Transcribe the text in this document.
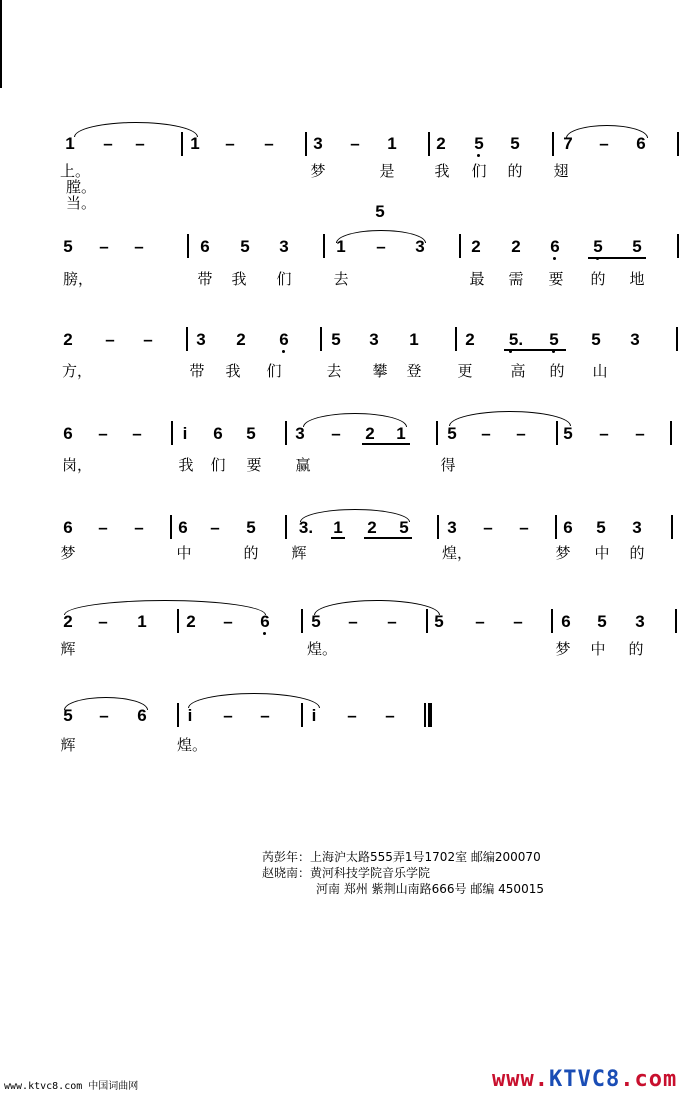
1 – –	1 – – 3 – 1 2 5 5	7 – 6
上。
膛。
当。
梦	是	我 们 的 翅
5
5 – –	6 5 3	1 – 3	2 2 6 5 5
膀，	带 我 们	去	最 需 要 的 地
2 – –	3 2 6	5 3 1	2 5. 5 5 3
方，	带 我 们	去 攀 登 更	高 的 山
6 – – i 6 5 3 – 2 1 5 – – 5 – –
岗，	我 们 要 赢	得
6 – – 6 – 5	3. 1 2 5 3 – – 6 5 3
梦	中	的 辉	煌，	梦 中 的
2 – 1 2 – 6 5 – – 5 – – 6 5 3
辉	煌。	梦 中 的
5 – 6 i – – i – –
辉	煌。
芮彭年：上海沪太路555弄1号1702室 邮编200070
赵晓南：黄河科技学院音乐学院
河南 郑州 紫荆山南路666号 邮编 450015
www.ktvc8.com 中国词曲网	www.KTVC8.com
